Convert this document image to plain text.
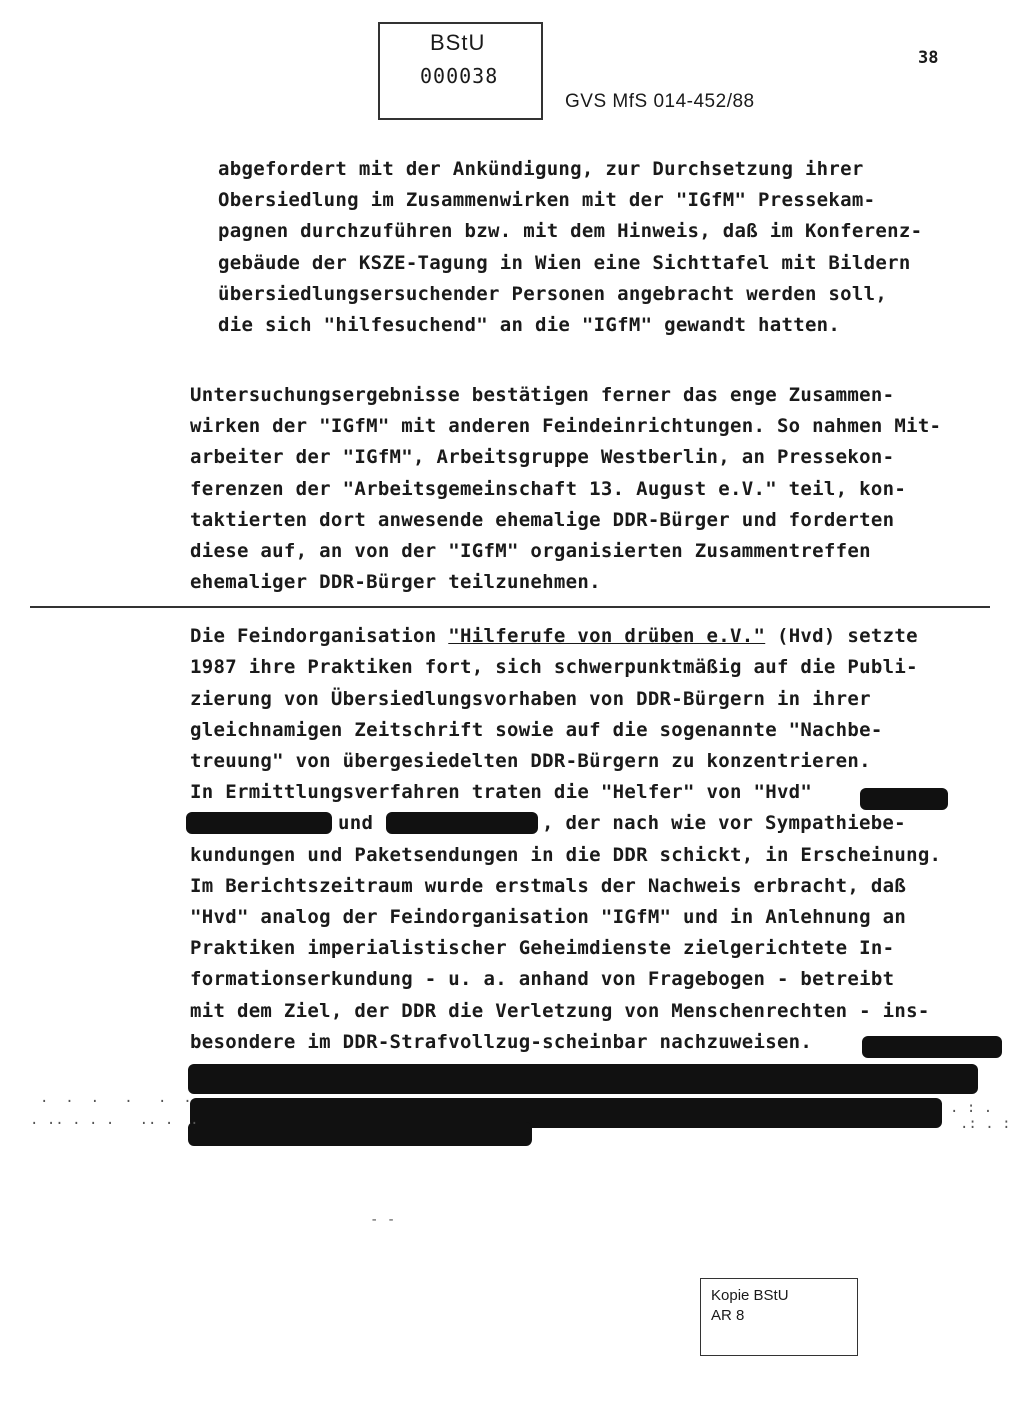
BStU
000038
38
GVS MfS 014-452/88
abgefordert mit der Ankündigung, zur Durchsetzung ihrer
Obersiedlung im Zusammenwirken mit der "IGfM" Pressekam-
pagnen durchzuführen bzw. mit dem Hinweis, daß im Konferenz-
gebäude der KSZE-Tagung in Wien eine Sichttafel mit Bildern
übersiedlungsersuchender Personen angebracht werden soll,
die sich "hilfesuchend" an die "IGfM" gewandt hatten.
Untersuchungsergebnisse bestätigen ferner das enge Zusammen-
wirken der "IGfM" mit anderen Feindeinrichtungen. So nahmen Mit-
arbeiter der "IGfM", Arbeitsgruppe Westberlin, an Pressekon-
ferenzen der "Arbeitsgemeinschaft 13. August e.V." teil, kon-
taktierten dort anwesende ehemalige DDR-Bürger und forderten
diese auf, an von der "IGfM" organisierten Zusammentreffen
ehemaliger DDR-Bürger teilzunehmen.
Die Feindorganisation "Hilferufe von drüben e.V." (Hvd) setzte
1987 ihre Praktiken fort, sich schwerpunktmäßig auf die Publi-
zierung von Übersiedlungsvorhaben von DDR-Bürgern in ihrer
gleichnamigen Zeitschrift sowie auf die sogenannte "Nachbe-
treuung" von übergesiedelten DDR-Bürgern zu konzentrieren.
In Ermittlungsverfahren traten die "Helfer" von "Hvd"
und	, der nach wie vor Sympathiebe-
kundungen und Paketsendungen in die DDR schickt, in Erscheinung.
Im Berichtszeitraum wurde erstmals der Nachweis erbracht, daß
"Hvd" analog der Feindorganisation "IGfM" und in Anlehnung an
Praktiken imperialistischer Geheimdienste zielgerichtete In-
formationserkundung - u. a. anhand von Fragebogen - betreibt
mit dem Ziel, der DDR die Verletzung von Menschenrechten - ins-
besondere im DDR-Strafvollzug-scheinbar nachzuweisen.
.  .  .   .   .  .
. .. . . .   .. .  .
. : .
.: . :
- -
Kopie BStU
AR 8
